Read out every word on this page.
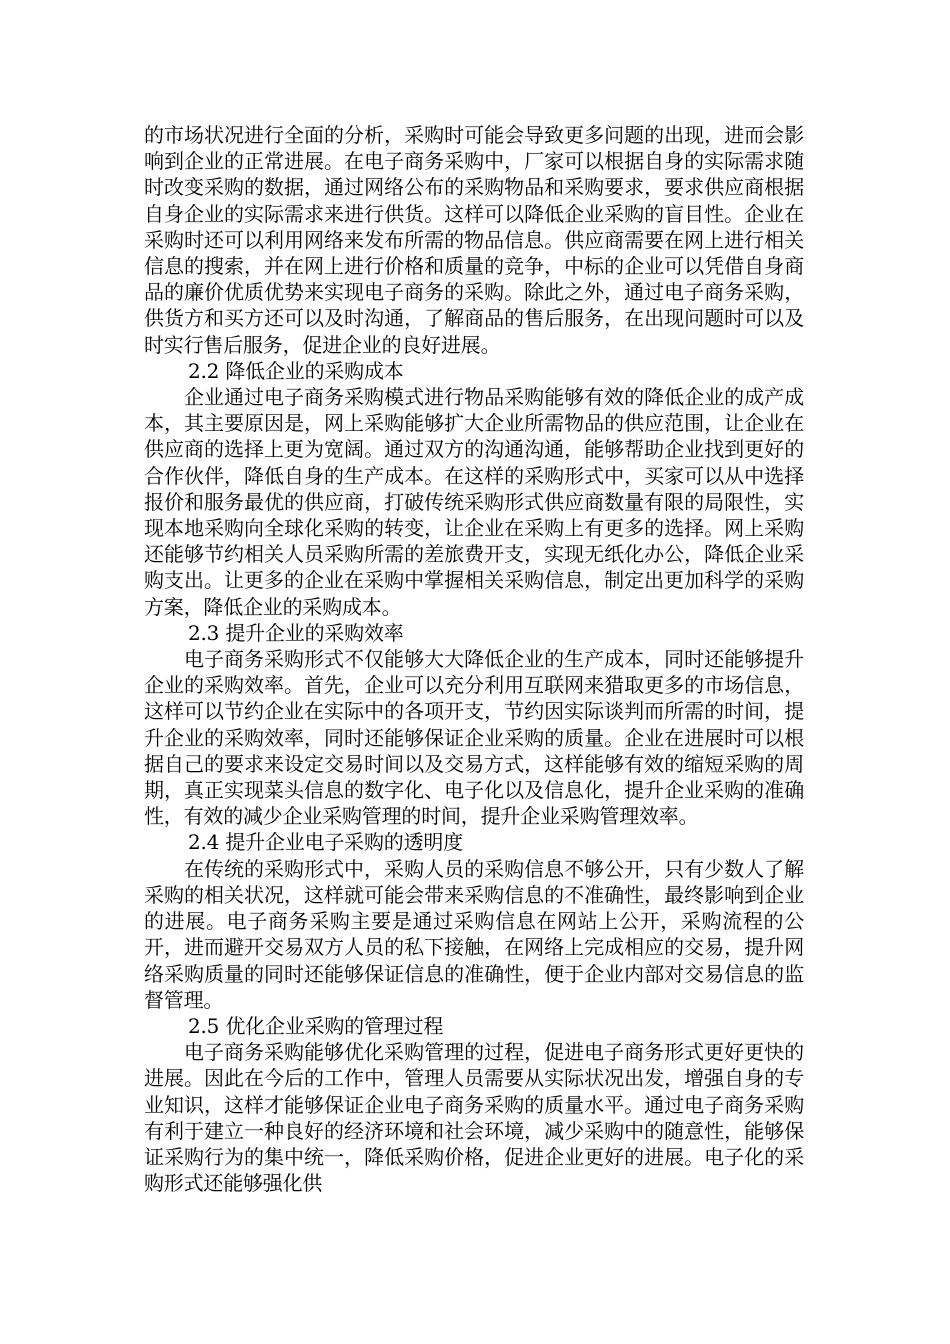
的市场状况进行全面的分析，采购时可能会导致更多问题的出现，进而会影响到企业的正常进展。在电子商务采购中，厂家可以根据自身的实际需求随时改变采购的数据，通过网络公布的采购物品和采购要求，要求供应商根据自身企业的实际需求来进行供货。这样可以降低企业采购的盲目性。企业在采购时还可以利用网络来发布所需的物品信息。供应商需要在网上进行相关信息的搜索，并在网上进行价格和质量的竞争，中标的企业可以凭借自身商品的廉价优质优势来实现电子商务的采购。除此之外，通过电子商务采购，供货方和买方还可以及时沟通，了解商品的售后服务，在出现问题时可以及时实行售后服务，促进企业的良好进展。

2.2 降低企业的采购成本

企业通过电子商务采购模式进行物品采购能够有效的降低企业的成产成本，其主要原因是，网上采购能够扩大企业所需物品的供应范围，让企业在供应商的选择上更为宽阔。通过双方的沟通沟通，能够帮助企业找到更好的合作伙伴，降低自身的生产成本。在这样的采购形式中，买家可以从中选择报价和服务最优的供应商，打破传统采购形式供应商数量有限的局限性，实现本地采购向全球化采购的转变，让企业在采购上有更多的选择。网上采购还能够节约相关人员采购所需的差旅费开支，实现无纸化办公，降低企业采购支出。让更多的企业在采购中掌握相关采购信息，制定出更加科学的采购方案，降低企业的采购成本。

2.3 提升企业的采购效率

电子商务采购形式不仅能够大大降低企业的生产成本，同时还能够提升企业的采购效率。首先，企业可以充分利用互联网来猎取更多的市场信息，这样可以节约企业在实际中的各项开支，节约因实际谈判而所需的时间，提升企业的采购效率，同时还能够保证企业采购的质量。企业在进展时可以根据自己的要求来设定交易时间以及交易方式，这样能够有效的缩短采购的周期，真正实现菜头信息的数字化、电子化以及信息化，提升企业采购的准确性，有效的减少企业采购管理的时间，提升企业采购管理效率。

2.4 提升企业电子采购的透明度

在传统的采购形式中，采购人员的采购信息不够公开，只有少数人了解采购的相关状况，这样就可能会带来采购信息的不准确性，最终影响到企业的进展。电子商务采购主要是通过采购信息在网站上公开，采购流程的公开，进而避开交易双方人员的私下接触，在网络上完成相应的交易，提升网络采购质量的同时还能够保证信息的准确性，便于企业内部对交易信息的监督管理。

2.5 优化企业采购的管理过程

电子商务采购能够优化采购管理的过程，促进电子商务形式更好更快的进展。因此在今后的工作中，管理人员需要从实际状况出发，增强自身的专业知识，这样才能够保证企业电子商务采购的质量水平。通过电子商务采购有利于建立一种良好的经济环境和社会环境，减少采购中的随意性，能够保证采购行为的集中统一，降低采购价格，促进企业更好的进展。电子化的采购形式还能够强化供
